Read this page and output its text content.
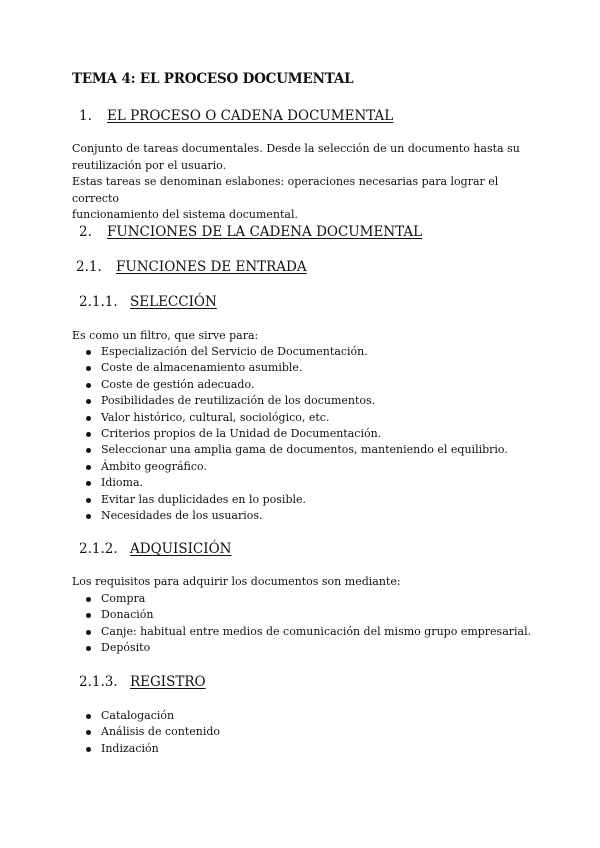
TEMA 4: EL PROCESO DOCUMENTAL
1. EL PROCESO O CADENA DOCUMENTAL
Conjunto de tareas documentales. Desde la selección de un documento hasta su
reutilización por el usuario.
Estas tareas se denominan eslabones: operaciones necesarias para lograr el correcto
funcionamiento del sistema documental.
2. FUNCIONES DE LA CADENA DOCUMENTAL
2.1. FUNCIONES DE ENTRADA
2.1.1. SELECCIÓN
Es como un filtro, que sirve para:
Especialización del Servicio de Documentación.
Coste de almacenamiento asumible.
Coste de gestión adecuado.
Posibilidades de reutilización de los documentos.
Valor histórico, cultural, sociológico, etc.
Criterios propios de la Unidad de Documentación.
Seleccionar una amplia gama de documentos, manteniendo el equilibrio.
Ámbito geográfico.
Idioma.
Evitar las duplicidades en lo posible.
Necesidades de los usuarios.
2.1.2. ADQUISICIÓN
Los requisitos para adquirir los documentos son mediante:
Compra
Donación
Canje: habitual entre medios de comunicación del mismo grupo empresarial.
Depósito
2.1.3. REGISTRO
Catalogación
Análisis de contenido
Indización
